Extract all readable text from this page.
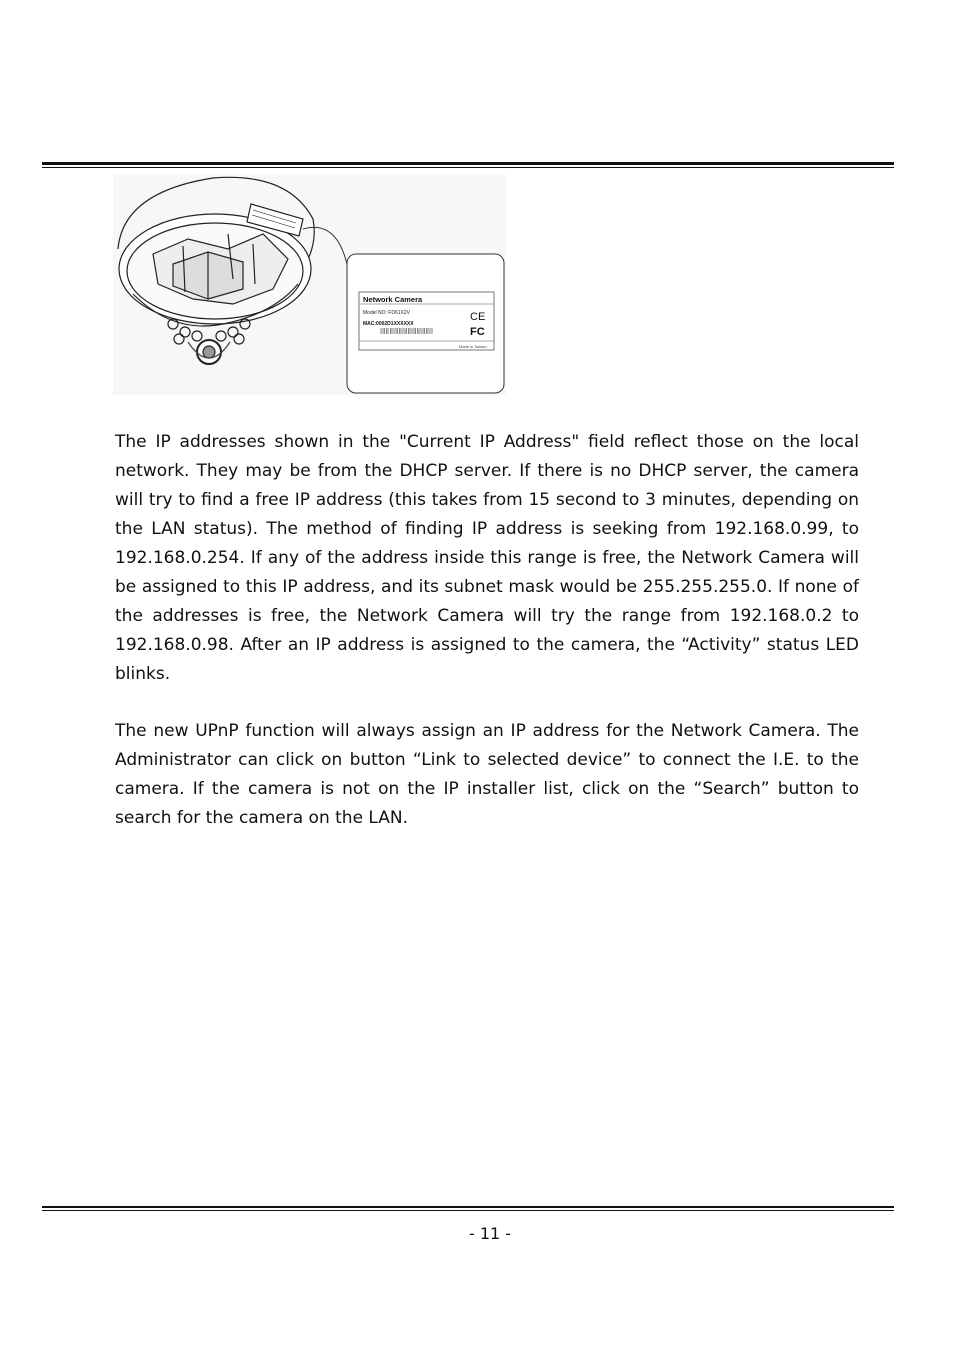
Network Camera
Model NO: FD61X2V
MAC:0002D1XXXXXX
CE
FC
Made in Taiwan

The IP addresses shown in the "Current IP Address" field reflect those on the local network. They may be from the DHCP server. If there is no DHCP server, the camera will try to find a free IP address (this takes from 15 second to 3 minutes, depending on the LAN status). The method of finding IP address is seeking from 192.168.0.99, to 192.168.0.254. If any of the address inside this range is free, the Network Camera will be assigned to this IP address, and its subnet mask would be 255.255.255.0. If none of the addresses is free, the Network Camera will try the range from 192.168.0.2 to 192.168.0.98. After an IP address is assigned to the camera, the “Activity” status LED blinks.

The new UPnP function will always assign an IP address for the Network Camera. The Administrator can click on button “Link to selected device” to connect the I.E. to the camera. If the camera is not on the IP installer list, click on the “Search” button to search for the camera on the LAN.

- 11 -
